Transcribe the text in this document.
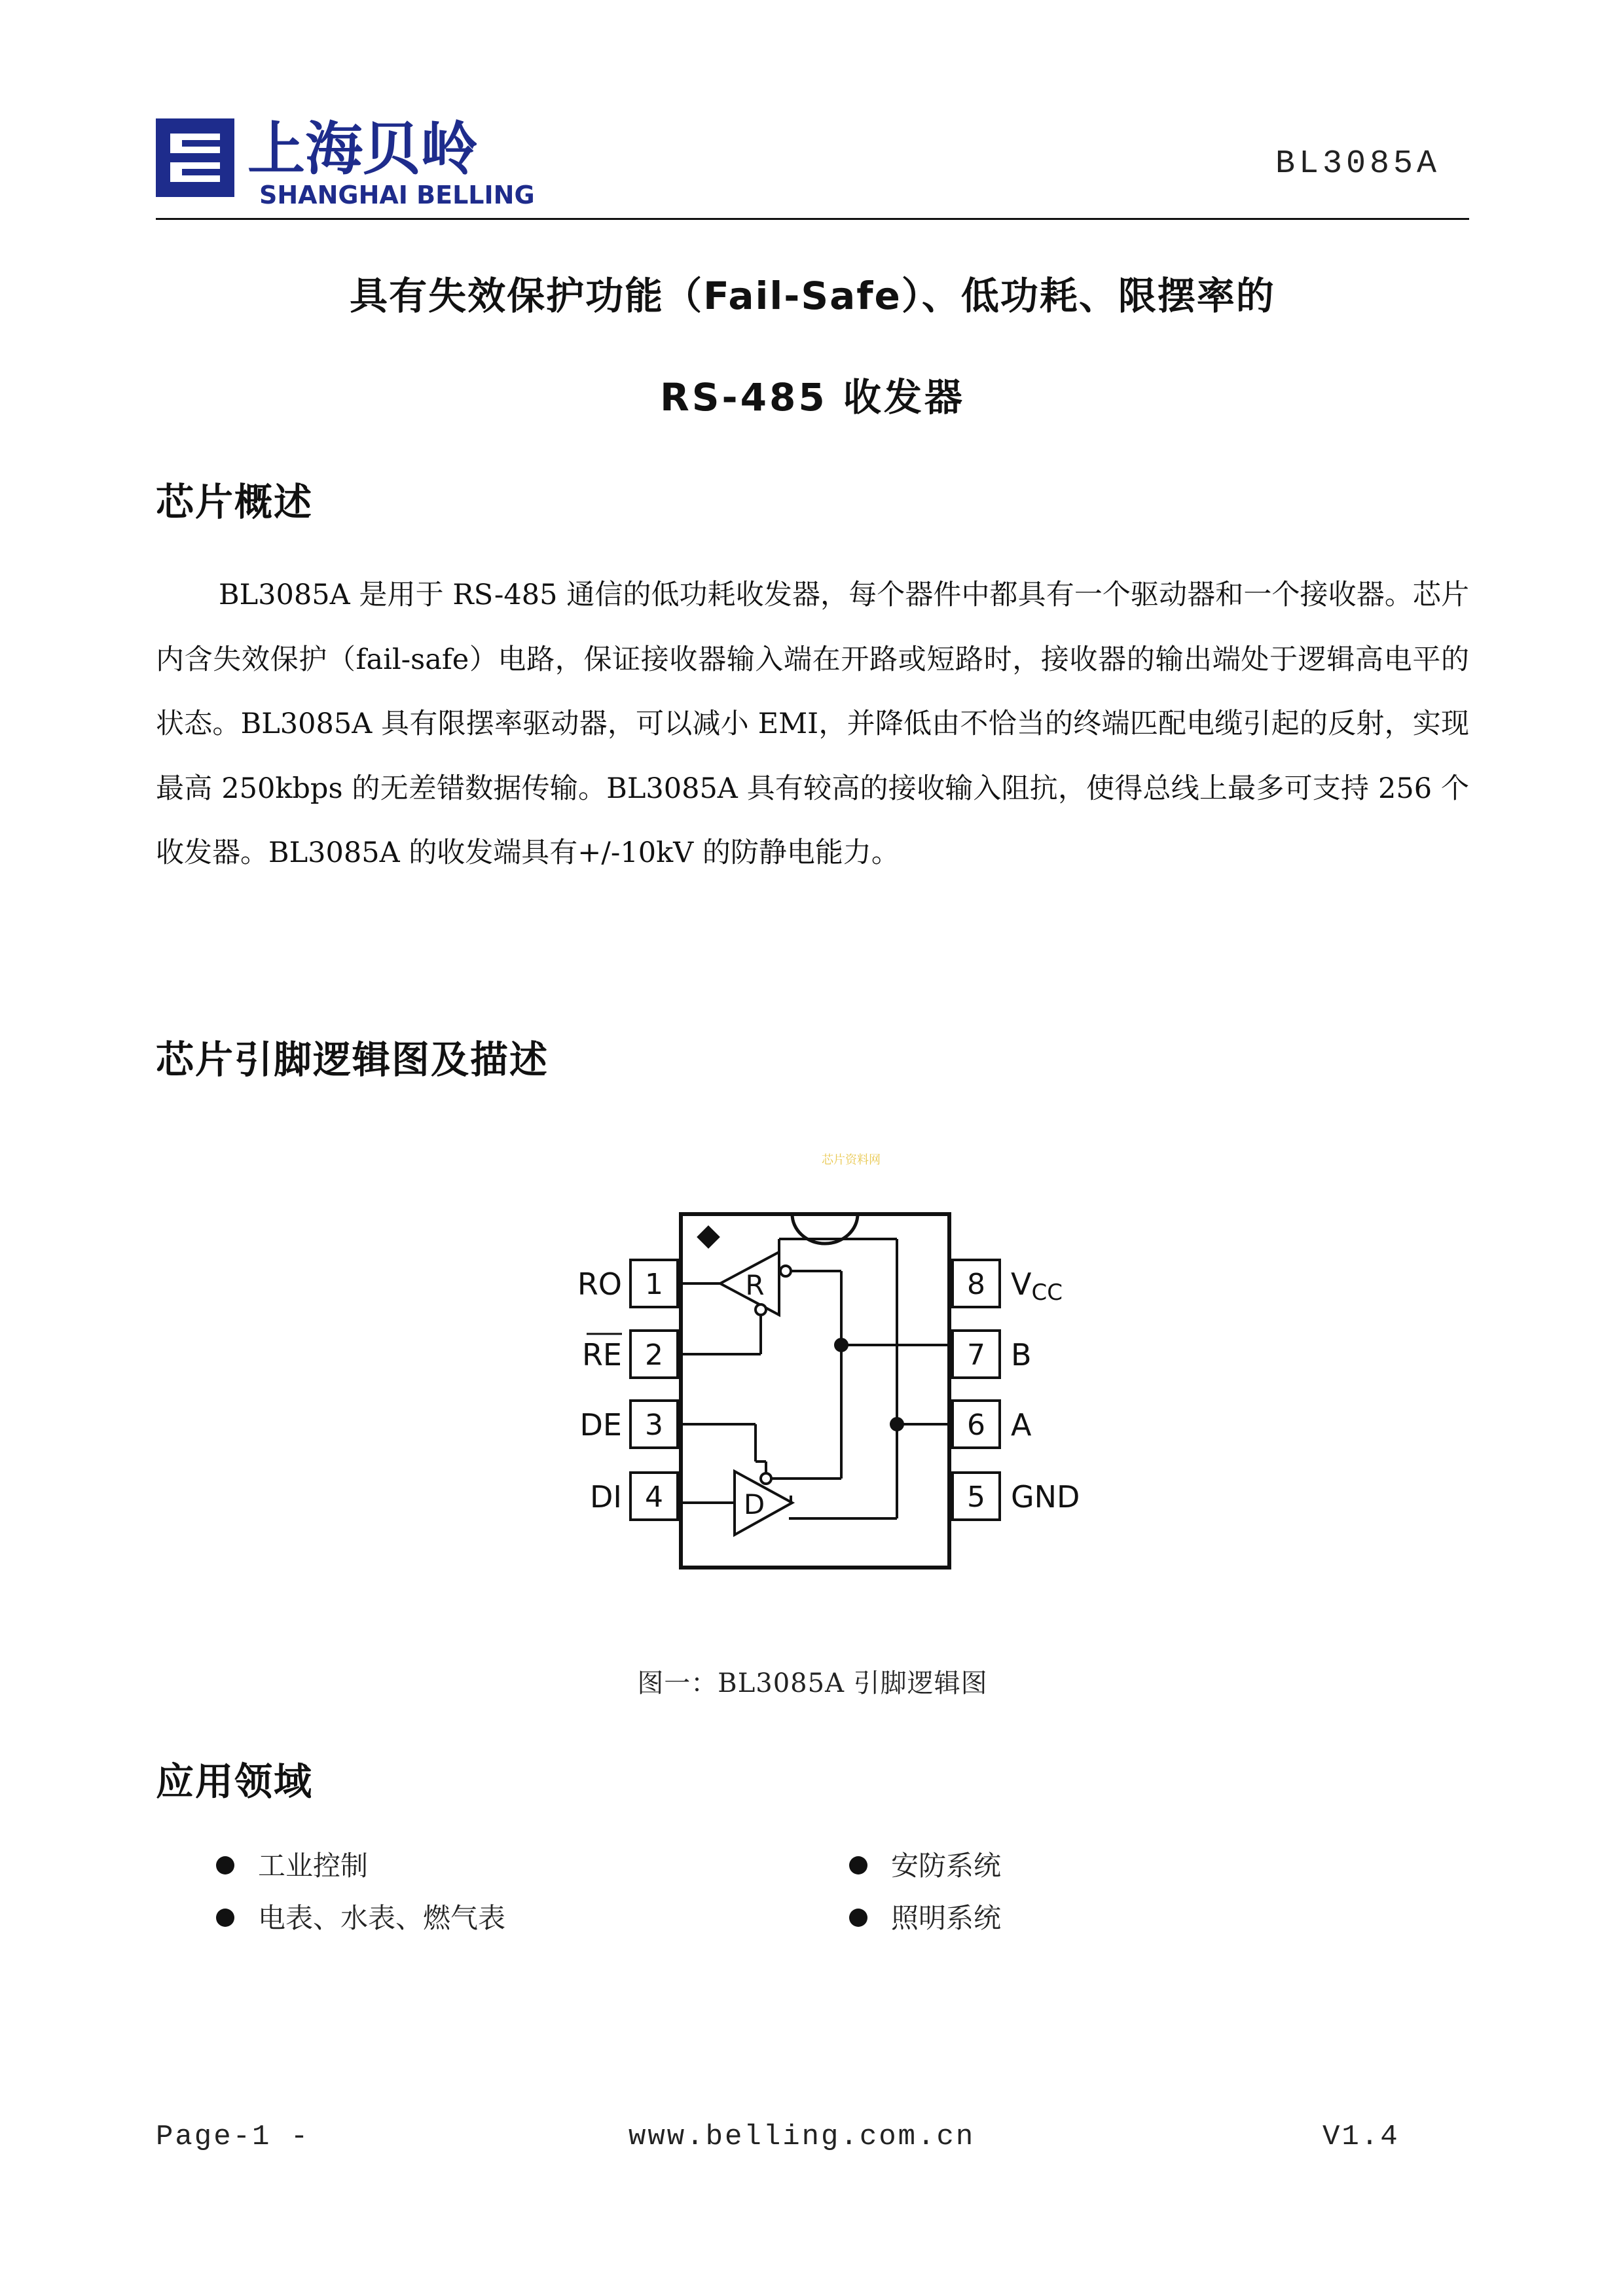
上海贝岭
SHANGHAI BELLING
BL3085A
具有失效保护功能（Fail-Safe）、低功耗、限摆率的
RS-485 收发器
芯片概述

BL3085A 是用于 RS-485 通信的低功耗收发器，每个器件中都具有一个驱动器和一个接收器。芯片内含失效保护（fail-safe）电路，保证接收器输入端在开路或短路时，接收器的输出端处于逻辑高电平的状态。BL3085A 具有限摆率驱动器，可以减小 EMI，并降低由不恰当的终端匹配电缆引起的反射，实现最高 250kbps 的无差错数据传输。BL3085A 具有较高的接收输入阻抗，使得总线上最多可支持 256 个收发器。BL3085A 的收发端具有+/-10kV 的防静电能力。

芯片引脚逻辑图及描述
芯片资料网
1
2
3
4
8
7
6
5
RO
RE
DE
DI
VCC
B
A
GND
R
D
图一：BL3085A 引脚逻辑图
应用领域
工业控制	安防系统
电表、水表、燃气表	照明系统
Page-1 -	www.belling.com.cn	V1.4
